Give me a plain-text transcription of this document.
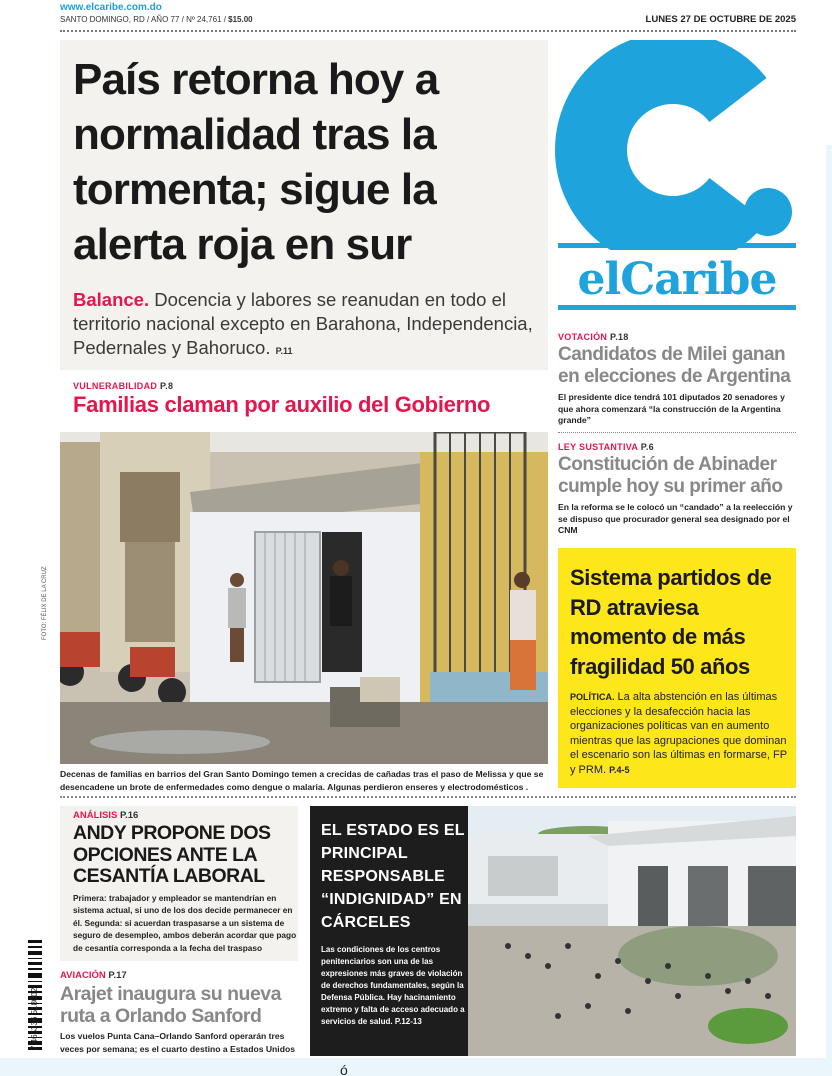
www.elcaribe.com.do
SANTO DOMINGO, RD / AÑO 77 / Nº 24,761 / $15.00	LUNES 27 DE OCTUBRE DE 2025
País retorna hoy a normalidad tras la tormenta; sigue la alerta roja en sur

Balance. Docencia y labores se reanudan en todo el territorio nacional excepto en Barahona, Independencia, Pedernales y Bahoruco. P.11

VULNERABILIDAD P.8
Familias claman por auxilio del Gobierno
FOTO: FÉLIX DE LA CRUZ

Decenas de familias en barrios del Gran Santo Domingo temen a crecidas de cañadas tras el paso de Melissa y que se desencadene un brote de enfermedades como dengue o malaria. Algunas perdieron enseres y electrodomésticos .

elCaribe
VOTACIÓN P.18
Candidatos de Milei ganan en elecciones de Argentina
El presidente dice tendrá 101 diputados 20 senadores y que ahora comenzará “la construcción de la Argentina grande”
LEY SUSTANTIVA P.6
Constitución de Abinader cumple hoy su primer año
En la reforma se le colocó un “candado” a la reelección y se dispuso que procurador general sea designado por el CNM
Sistema partidos de RD atraviesa momento de más fragilidad 50 años

POLÍTICA. La alta abstención en las últimas elecciones y la desafección hacia las organizaciones políticas van en aumento mientras que las agrupaciones que dominan el escenario son las últimas en formarse, FP y PRM. P.4-5

ANÁLISIS P.16
ANDY PROPONE DOS OPCIONES ANTE LA CESANTÍA LABORAL

Primera: trabajador y empleador se mantendrían en sistema actual, si uno de los dos decide permanecer en él. Segunda: si acuerdan traspasarse a un sistema de seguro de desempleo, ambos deberán acordar que pago de cesantía corresponda a la fecha del traspaso

AVIACIÓN P.17
Arajet inaugura su nueva ruta a Orlando Sanford

Los vuelos Punta Cana–Orlando Sanford operarán tres veces por semana; es el cuarto destino a Estados Unidos

EL ESTADO ES EL PRINCIPAL RESPONSABLE “INDIGNIDAD” EN CÁRCELES

Las condiciones de los centros penitenciarios son una de las expresiones más graves de violación de derechos fundamentales, según la Defensa Pública. Hay hacinamiento extremo y falta de acceso adecuado a servicios de salud. P.12-13

7 465336 518002
ó
